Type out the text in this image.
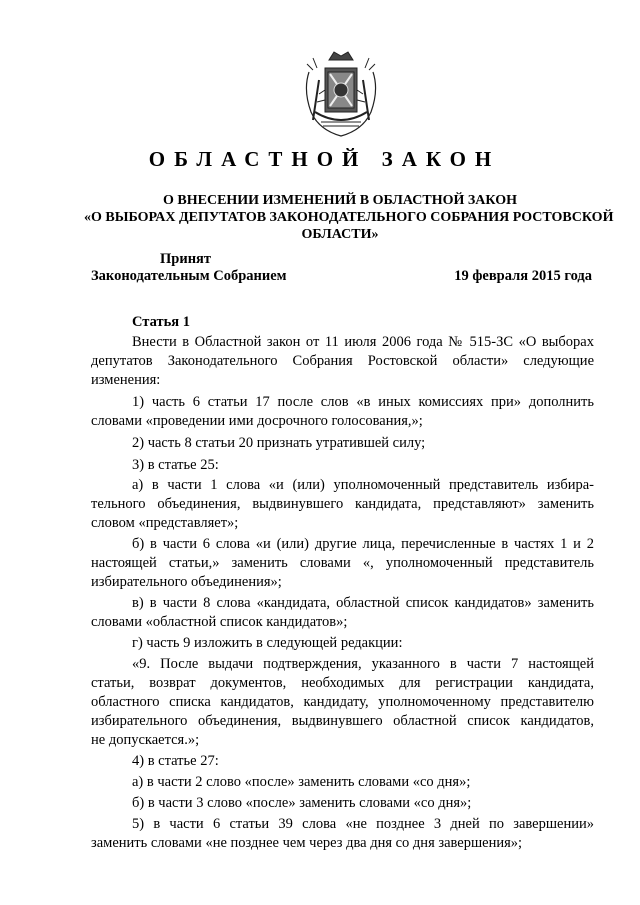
ОБЛАСТНОЙ ЗАКОН
О ВНЕСЕНИИ ИЗМЕНЕНИЙ В ОБЛАСТНОЙ ЗАКОН
«О ВЫБОРАХ ДЕПУТАТОВ ЗАКОНОДАТЕЛЬНОГО СОБРАНИЯ РОСТОВСКОЙ
ОБЛАСТИ»
Принят
Законодательным Собранием	19 февраля 2015 года
Статья 1
Внести в Областной закон от 11 июля 2006 года № 515-ЗС «О выборах
депутатов Законодательного Собрания Ростовской области» следующие
изменения:
1) часть 6 статьи 17 после слов «в иных комиссиях при» дополнить
словами «проведении ими досрочного голосования,»;
2) часть 8 статьи 20 признать утратившей силу;
3) в статье 25:
а) в части 1 слова «и (или) уполномоченный представитель избира-
тельного объединения, выдвинувшего кандидата, представляют» заменить
словом «представляет»;
б) в части 6 слова «и (или) другие лица, перечисленные в частях 1 и 2
настоящей статьи,» заменить словами «, уполномоченный представитель
избирательного объединения»;
в) в части 8 слова «кандидата, областной список кандидатов» заменить
словами «областной список кандидатов»;
г) часть 9 изложить в следующей редакции:
«9. После выдачи подтверждения, указанного в части 7 настоящей
статьи, возврат документов, необходимых для регистрации кандидата,
областного списка кандидатов, кандидату, уполномоченному представителю
избирательного объединения, выдвинувшего областной список кандидатов,
не допускается.»;
4) в статье 27:
а) в части 2 слово «после» заменить словами «со дня»;
б) в части 3 слово «после» заменить словами «со дня»;
5) в части 6 статьи 39 слова «не позднее 3 дней по завершении»
заменить словами «не позднее чем через два дня со дня завершения»;
